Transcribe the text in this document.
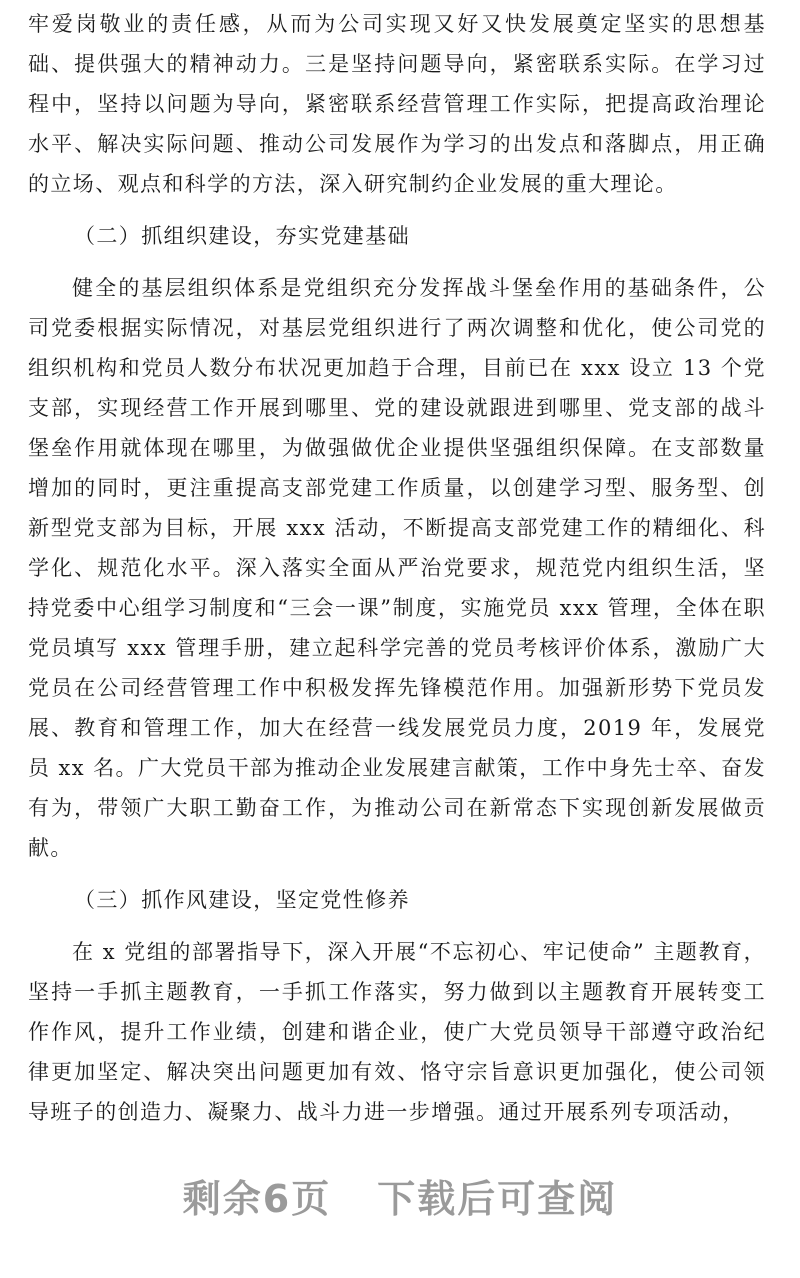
牢爱岗敬业的责任感，从而为公司实现又好又快发展奠定坚实的思想基础、提供强大的精神动力。三是坚持问题导向，紧密联系实际。在学习过程中，坚持以问题为导向，紧密联系经营管理工作实际，把提高政治理论水平、解决实际问题、推动公司发展作为学习的出发点和落脚点，用正确的立场、观点和科学的方法，深入研究制约企业发展的重大理论。

（二）抓组织建设，夯实党建基础

健全的基层组织体系是党组织充分发挥战斗堡垒作用的基础条件，公司党委根据实际情况，对基层党组织进行了两次调整和优化，使公司党的组织机构和党员人数分布状况更加趋于合理，目前已在 xxx 设立 13 个党支部，实现经营工作开展到哪里、党的建设就跟进到哪里、党支部的战斗堡垒作用就体现在哪里，为做强做优企业提供坚强组织保障。在支部数量增加的同时，更注重提高支部党建工作质量，以创建学习型、服务型、创新型党支部为目标，开展 xxx 活动，不断提高支部党建工作的精细化、科学化、规范化水平。深入落实全面从严治党要求，规范党内组织生活，坚持党委中心组学习制度和“三会一课”制度，实施党员 xxx 管理，全体在职党员填写 xxx 管理手册，建立起科学完善的党员考核评价体系，激励广大党员在公司经营管理工作中积极发挥先锋模范作用。加强新形势下党员发展、教育和管理工作，加大在经营一线发展党员力度，2019 年，发展党员 xx 名。广大党员干部为推动企业发展建言献策，工作中身先士卒、奋发有为，带领广大职工勤奋工作，为推动公司在新常态下实现创新发展做贡献。

（三）抓作风建设，坚定党性修养

在 x 党组的部署指导下，深入开展“不忘初心、牢记使命” 主题教育，坚持一手抓主题教育，一手抓工作落实，努力做到以主题教育开展转变工作作风，提升工作业绩，创建和谐企业，使广大党员领导干部遵守政治纪律更加坚定、解决突出问题更加有效、恪守宗旨意识更加强化，使公司领导班子的创造力、凝聚力、战斗力进一步增强。通过开展系列专项活动，

剩余6页 下载后可查阅
